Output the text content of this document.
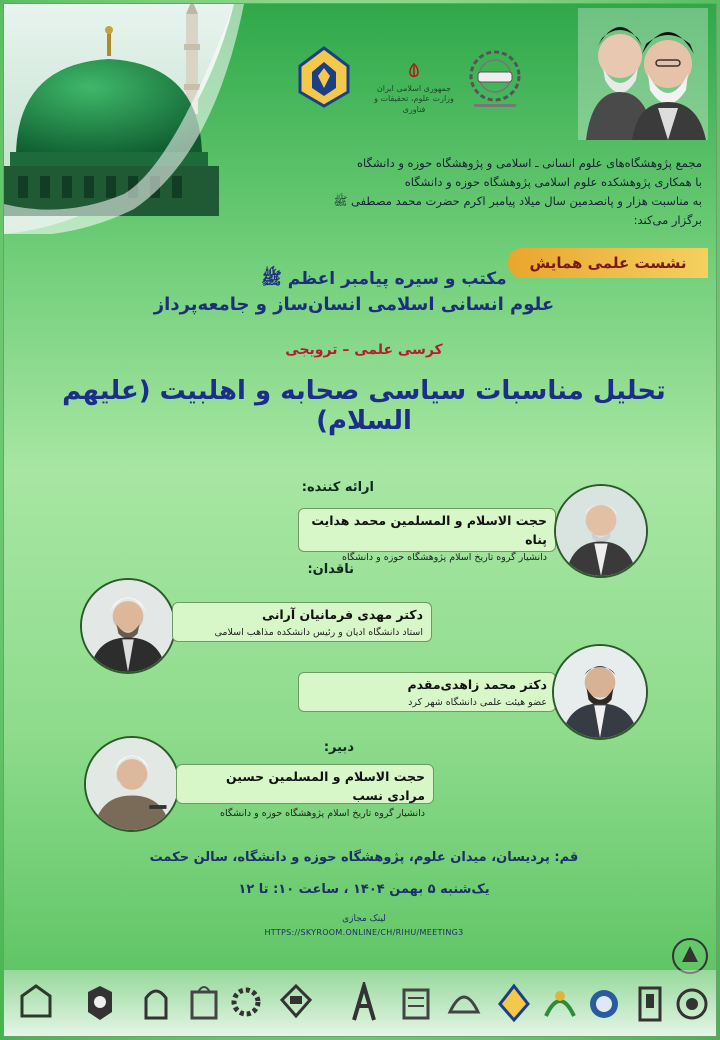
جمهوری اسلامی ایران
وزارت علوم، تحقیقات و فناوری
مجمع پژوهشگاه‌های علوم انسانی ـ اسلامی و پژوهشگاه حوزه و دانشگاه
با همکاری پژوهشکده علوم اسلامی پژوهشگاه حوزه و دانشگاه
به مناسبت هزار و پانصدمین سال میلاد پیامبر اکرم حضرت محمد مصطفی ﷺ
برگزار می‌کند:
نشست علمی همایش
مکتب و سیره پیامبر اعظم ﷺ
علوم انسانی اسلامی انسان‌ساز و جامعه‌پرداز
کرسی علمی – ترویجی
تحلیل مناسبات سیاسی صحابه و اهلبیت (علیهم السلام)
ارائه کننده:
حجت الاسلام و المسلمین محمد هدایت پناه
دانشیار گروه تاریخ اسلام پژوهشگاه حوزه و دانشگاه
ناقدان:
دکتر مهدی فرمانیان آرانی
استاد دانشگاه ادیان و رئیس دانشکده مذاهب اسلامی
دکتر محمد زاهدی‌مقدم
عضو هیئت علمی دانشگاه شهر کرد
دبیر:
حجت الاسلام و المسلمین حسین مرادی نسب
دانشیار گروه تاریخ اسلام پژوهشگاه حوزه و دانشگاه
قم: پردیسان، میدان علوم، پژوهشگاه حوزه و دانشگاه، سالن حکمت
یک‌شنبه ۵ بهمن ۱۴۰۴ ، ساعت ۱۰: تا ۱۲
لینک مجازی
HTTPS://SKYROOM.ONLINE/CH/RIHU/MEETING3
